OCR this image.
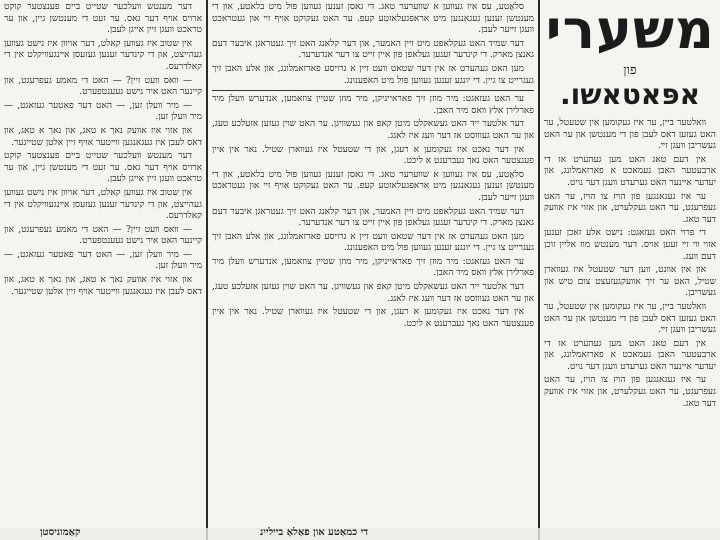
ּמשערי
פון
אפּאטאשו.

װאלטער ביין, ער איז געקומען אין שטעטל, ער האט געזען דאס לעבן פון די מענטשן און ער האט געשריבן װעגן זײ.

אין דעם טאג האט מען געהערט אז די ארבעטער האבן געמאכט א פארזאמלונג, און יעדער איינער האט גערעדט װעגן דער נויט.

ער איז געגאנגען פון הויז צו הויז, ער האט געפרעגט, ער האט געקלערט, און אזוי איז אװעק דער טאג.

די פרוי האט געזאגט: נישט אלע זאכן זענען אזוי װי זײ זעען אויס. דער מענטש מוז אליין זוכן דעם װעג.

און אין אװנט, װען דער שטעטל איז געװארן שטיל, האט ער זיך אװעקגעזעצט צום טיש און געשריבן.

װאלטער ביין, ער איז געקומען אין שטעטל, ער האט געזען דאס לעבן פון די מענטשן און ער האט געשריבן װעגן זײ.

אין דעם טאג האט מען געהערט אז די ארבעטער האבן געמאכט א פארזאמלונג, און יעדער איינער האט גערעדט װעגן דער נויט.

ער איז געגאנגען פון הויז צו הויז, ער האט געפרעגט, ער האט געקלערט, און אזוי איז אװעק דער טאג.

סלאָטע, עס איז געװען א שװערער טאג. די גאסן זענען געװען פול מיט בלאטע, און די מענטשן זענען געגאנגען מיט אראפגעלאזטע קעפ. ער האט געקוקט אויף זײ און געטראכט װעגן זײער לעבן.

דער שמיד האט געקלאפט מיט זיין האמער, און דער קלאנג האט זיך געטראגן איבער דעם גאנצן מארק. די קינדער זענען געלאפן פון איין זייט צו דער אנדערער.

מען האט געהערט אז אין דער שטאט װעט זיין א גרויסע פארזאמלונג, און אלע האבן זיך געגרייט צו גיין. די יונגע זענען געװען פול מיט האפענונג.

ער האט געזאגט: מיר מוזן זיך פאראייניקן, מיר מוזן שטיין צוזאמען, אנדערש װעלן מיר פארלירן אלץ װאס מיר האבן.

דער אלטער ייד האט געשאקלט מיטן קאפ און געשװיגן. ער האט שוין געזען אזעלכע טעג, און ער האט געװוסט אז דער װעג איז לאנג.

אין דער נאכט איז געקומען א רעגן, און די שטעטל איז געװארן שטיל. נאר אין איין פענצטער האט נאך געברענט א ליכט.

סלאָטע, עס איז געװען א שװערער טאג. די גאסן זענען געװען פול מיט בלאטע, און די מענטשן זענען געגאנגען מיט אראפגעלאזטע קעפ. ער האט געקוקט אויף זײ און געטראכט װעגן זײער לעבן.

דער שמיד האט געקלאפט מיט זיין האמער, און דער קלאנג האט זיך געטראגן איבער דעם גאנצן מארק. די קינדער זענען געלאפן פון איין זייט צו דער אנדערער.

מען האט געהערט אז אין דער שטאט װעט זיין א גרויסע פארזאמלונג, און אלע האבן זיך געגרייט צו גיין. די יונגע זענען געװען פול מיט האפענונג.

ער האט געזאגט: מיר מוזן זיך פאראייניקן, מיר מוזן שטיין צוזאמען, אנדערש װעלן מיר פארלירן אלץ װאס מיר האבן.

דער אלטער ייד האט געשאקלט מיטן קאפ און געשװיגן. ער האט שוין געזען אזעלכע טעג, און ער האט געװוסט אז דער װעג איז לאנג.

אין דער נאכט איז געקומען א רעגן, און די שטעטל איז געװארן שטיל. נאר אין איין פענצטער האט נאך געברענט א ליכט.

דער מענטש װעלכער שטייט ביים פענצטער קוקט ארויס אויף דער גאס. ער זעט די מענטשן גיין, און ער טראכט װעגן זיין אייגן לעבן.

אין שטוב איז געװען קאלט, דער אויװן איז נישט געװען געהייצט, און די קינדער זענען געזעסן אײנגעװיקלט אין די קאלדרעס.

— װאס װעט זיין? — האט די מאמע געפרעגט, און קיינער האט איר נישט געענטפערט.

— מיר װעלן זען, — האט דער פאטער געזאגט, — מיר װעלן זען.

און אזוי איז אװעק נאך א טאג, און נאך א טאג, און דאס לעבן איז געגאנגען װײטער אויף זיין אלטן שטייגער.

דער מענטש װעלכער שטייט ביים פענצטער קוקט ארויס אויף דער גאס. ער זעט די מענטשן גיין, און ער טראכט װעגן זיין אייגן לעבן.

אין שטוב איז געװען קאלט, דער אויװן איז נישט געװען געהייצט, און די קינדער זענען געזעסן אײנגעװיקלט אין די קאלדרעס.

— װאס װעט זיין? — האט די מאמע געפרעגט, און קיינער האט איר נישט געענטפערט.

— מיר װעלן זען, — האט דער פאטער געזאגט, — מיר װעלן זען.

און אזוי איז אװעק נאך א טאג, און נאך א טאג, און דאס לעבן איז געגאנגען װײטער אויף זיין אלטן שטייגער.

קאַמוניסטן	די כמאַטע און פאַלאַ בייליינ
